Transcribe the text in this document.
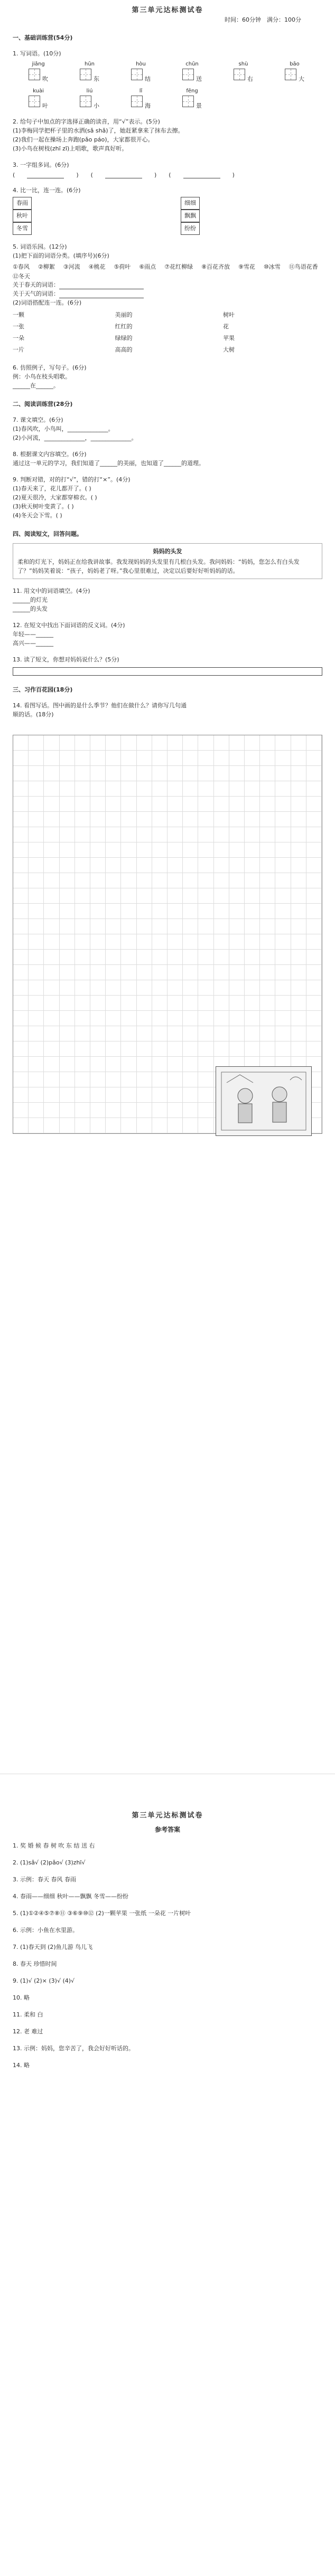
第三单元达标测试卷
时间：60分钟　满分：100分
一、基础训练营(54分)
1. 写词语。(10分)
jiǎng
吹
hūn
东
hòu
结
chūn
送
shù
右
bāo
大
kuài
叶
liú
小
lǐ
海
fēng
景
2. 给句子中加点的字选择正确的读音，用“√”表示。(5分)
(1)李梅同学把杯子里的水洒(sǎ shǎ)了，她赶紧拿来了抹布去擦。
(2)我们一起在操场上奔跑(pǎo páo)，大家都很开心。
(3)小鸟在树枝(zhī zī)上唱歌，歌声真好听。
3. 一字组多词。(6分)
(	) (	) (	)
4. 比一比，连一连。(6分)
春雨
秋叶
冬雪
细细
飘飘
纷纷
5. 词语乐园。(12分)
(1)把下面的词语分类。(填序号)(6分)
①春风 ②柳絮 ③河流 ④桃花 ⑤荷叶 ⑥雨点 ⑦花红柳绿 ⑧百花齐放 ⑨雪花 ⑩冰雪 ⑪鸟语花香
⑫冬天
关于春天的词语：
关于天气的词语：
(2)词语搭配连一连。(6分)
一颗
一张
一朵
一片
美丽的
红红的
绿绿的
高高的
树叶
花
苹果
大树
6. 仿照例子，写句子。(6分)
例：小鸟在枝头唱歌。
______在______。
二、阅读训练营(28分)
7. 课文填空。(6分)
(1)春风吹，小鸟叫，______________。
(2)小河流，______________，______________。
8. 根据课文内容填空。(6分)
通过这一单元的学习，我们知道了______的美丽，也知道了______的道理。
9. 判断对错，对的打“√”，错的打“×”。(4分)
(1)春天来了，花儿都开了。( )
(2)夏天很冷，大家都穿棉衣。( )
(3)秋天树叶变黄了。( )
(4)冬天会下雪。( )
四、阅读短文，回答问题。
妈妈的头发
柔和的灯光下，妈妈正在给我讲故事。我发现妈妈的头发里有几根白头发。我问妈妈：“妈妈，您怎么有白头发了？”妈妈笑着说：“孩子，妈妈老了呀。”我心里很难过，决定以后要好好听妈妈的话。
11. 用文中的词语填空。(4分)
______的灯光
______的头发
12. 在短文中找出下面词语的反义词。(4分)
年轻——______
高兴——______
13. 读了短文，你想对妈妈说什么？(5分)
三、习作百花园(18分)
14. 看图写话。图中画的是什么季节？他们在做什么？请你写几句通顺的话。(18分)
第三单元达标测试卷
参考答案
1. 奖 婚 候 春 树 吹 东 结 送 右
2. (1)sǎ√ (2)pǎo√ (3)zhī√
3. 示例：春天 春风 春雨
4. 春雨——细细 秋叶——飘飘 冬雪——纷纷
5. (1)①②④⑤⑦⑧⑪ ③⑥⑨⑩⑫ (2)一颗苹果 一张纸 一朵花 一片树叶
6. 示例：小鱼在水里游。
7. (1)春天到 (2)鱼儿游 鸟儿飞
8. 春天 珍惜时间
9. (1)√ (2)× (3)√ (4)√
10. 略
11. 柔和 白
12. 老 难过
13. 示例：妈妈，您辛苦了，我会好好听话的。
14. 略
